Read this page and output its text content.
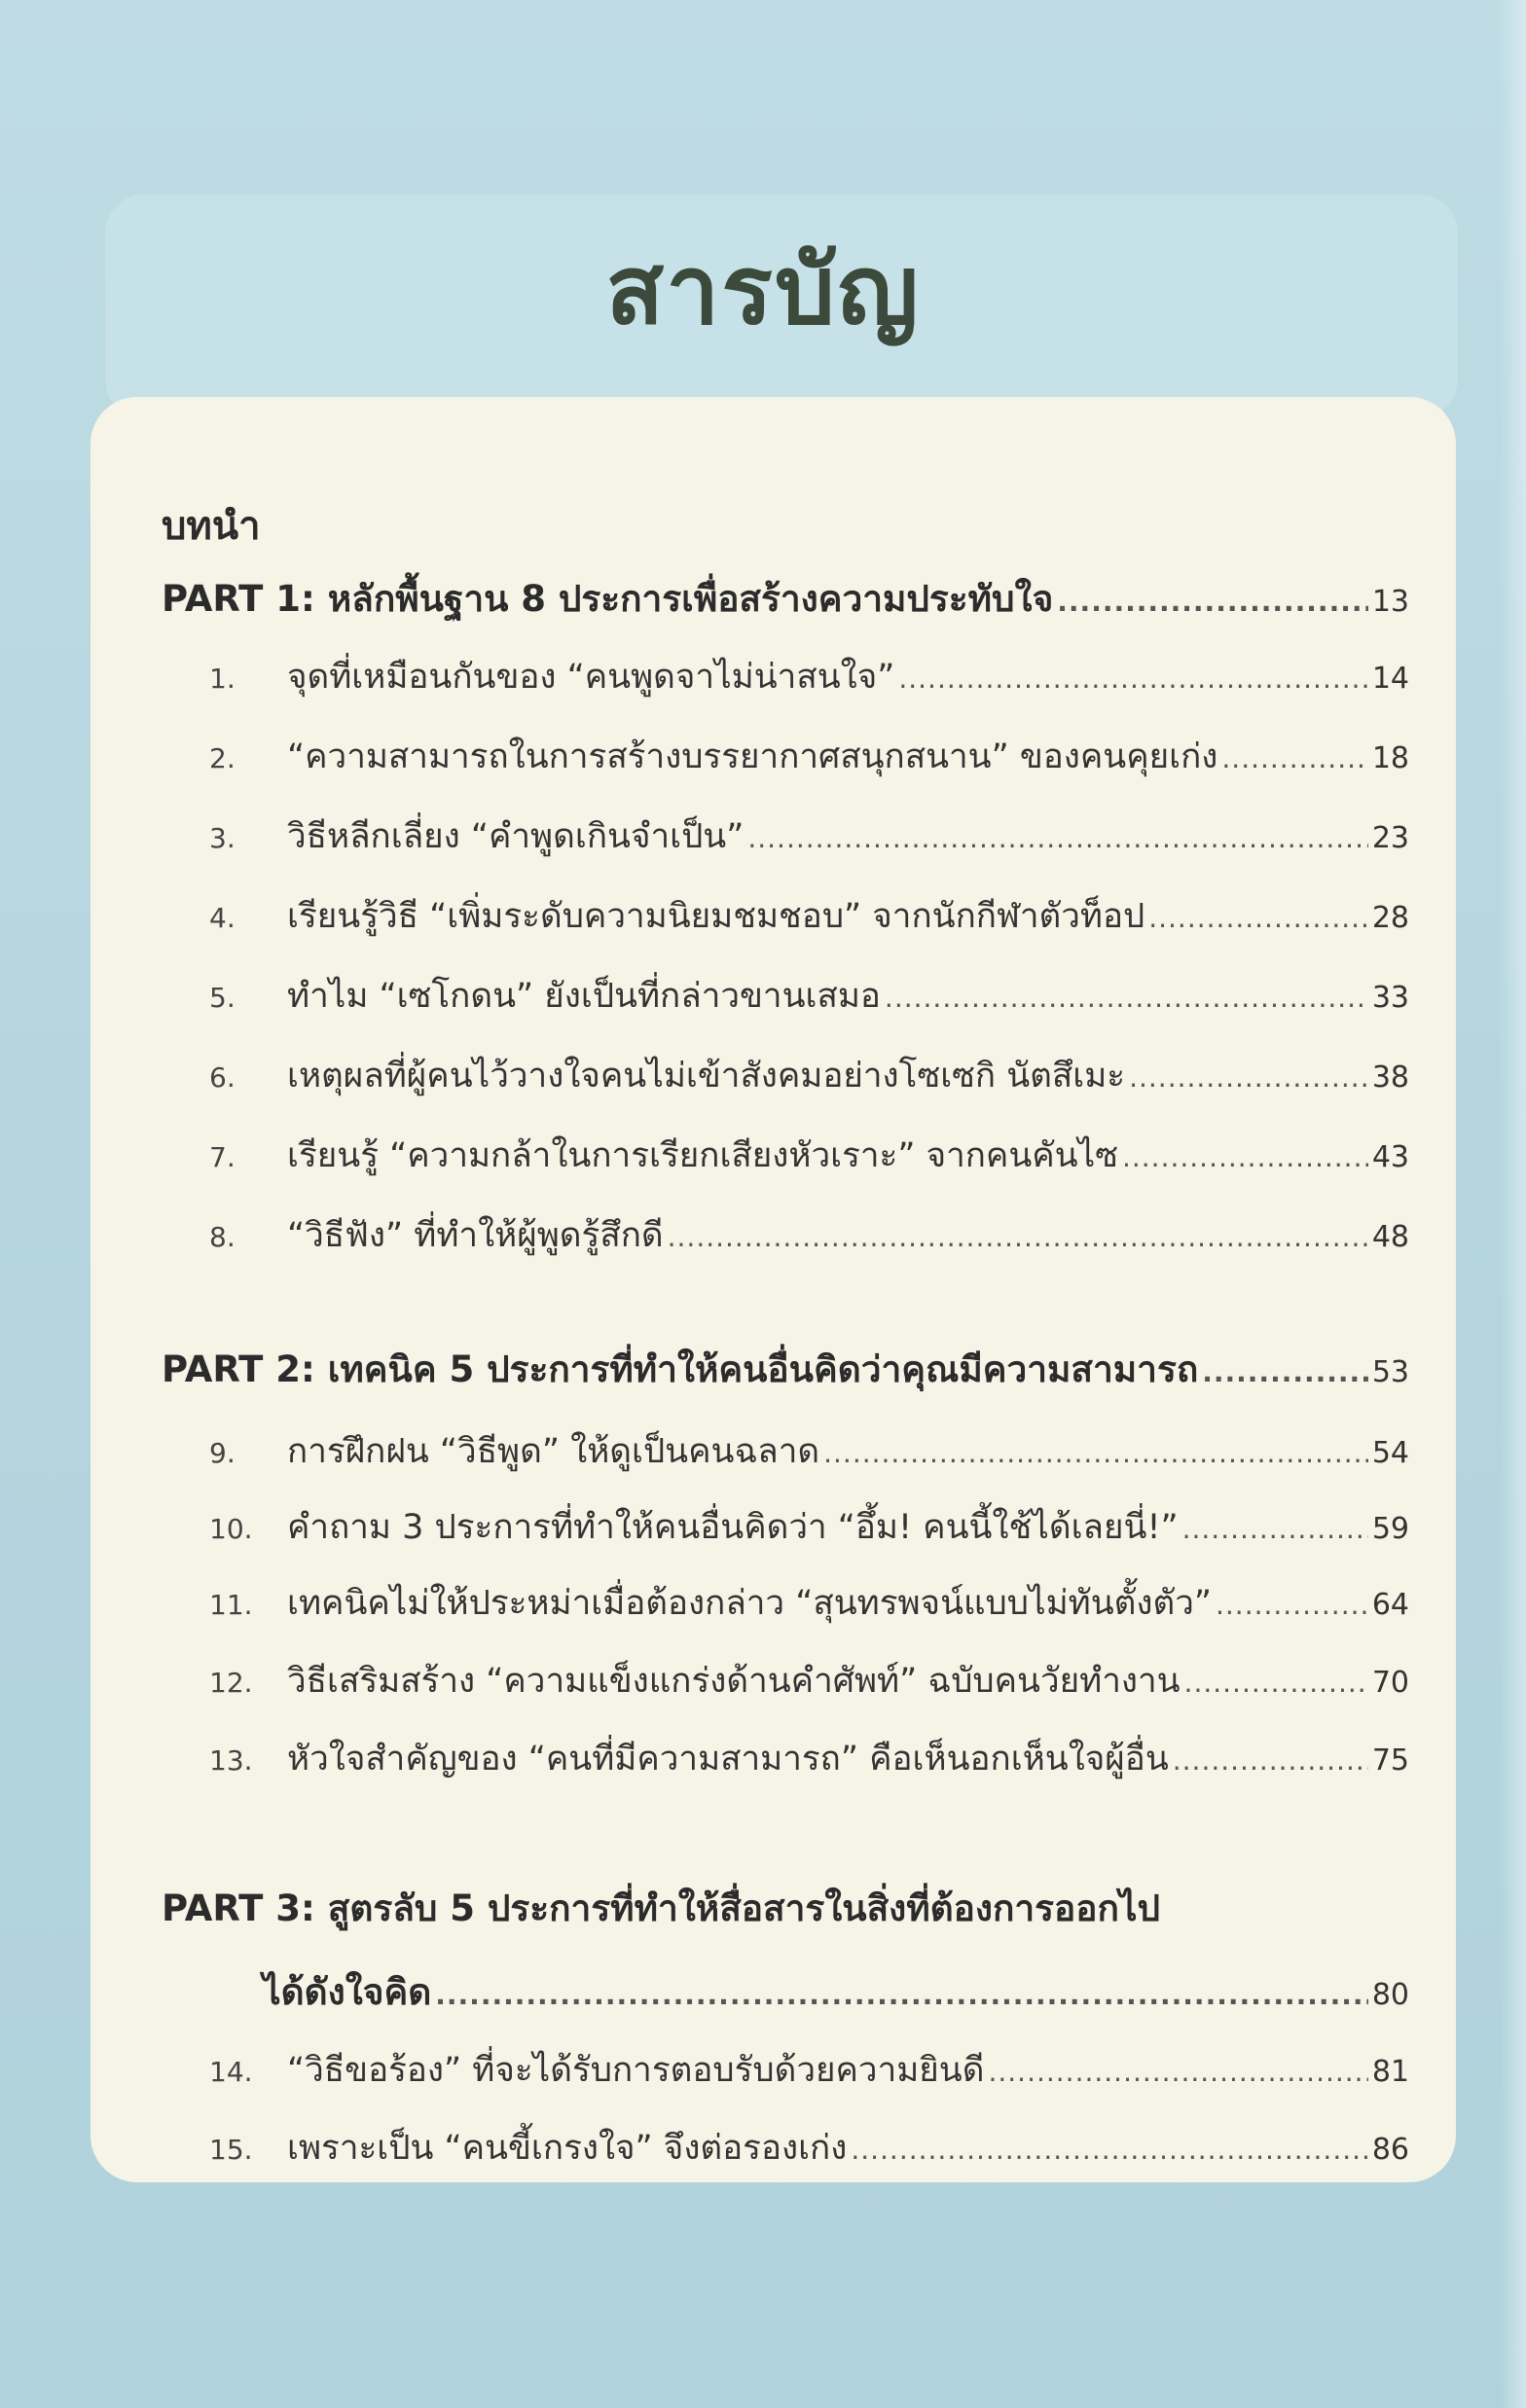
สารบัญ
บทนำ
PART 1: หลักพื้นฐาน 8 ประการเพื่อสร้างความประทับใจ .....	13
1.	จุดที่เหมือนกันของ “คนพูดจาไม่น่าสนใจ” .....	14
2.	“ความสามารถในการสร้างบรรยากาศสนุกสนาน” ของคนคุยเก่ง .....	18
3.	วิธีหลีกเลี่ยง “คำพูดเกินจำเป็น” .....	23
4.	เรียนรู้วิธี “เพิ่มระดับความนิยมชมชอบ” จากนักกีฬาตัวท็อป .....	28
5.	ทำไม “เซโกดน” ยังเป็นที่กล่าวขานเสมอ .....	33
6.	เหตุผลที่ผู้คนไว้วางใจคนไม่เข้าสังคมอย่างโซเซกิ นัตสึเมะ .....	38
7.	เรียนรู้ “ความกล้าในการเรียกเสียงหัวเราะ” จากคนคันไซ .....	43
8.	“วิธีฟัง” ที่ทำให้ผู้พูดรู้สึกดี .....	48
PART 2: เทคนิค 5 ประการที่ทำให้คนอื่นคิดว่าคุณมีความสามารถ .....	53
9.	การฝึกฝน “วิธีพูด” ให้ดูเป็นคนฉลาด .....	54
10.	คำถาม 3 ประการที่ทำให้คนอื่นคิดว่า “อึ้ม! คนนี้ใช้ได้เลยนี่!” .....	59
11.	เทคนิคไม่ให้ประหม่าเมื่อต้องกล่าว “สุนทรพจน์แบบไม่ทันตั้งตัว” .....	64
12.	วิธีเสริมสร้าง “ความแข็งแกร่งด้านคำศัพท์” ฉบับคนวัยทำงาน .....	70
13.	หัวใจสำคัญของ “คนที่มีความสามารถ” คือเห็นอกเห็นใจผู้อื่น .....	75
PART 3: สูตรลับ 5 ประการที่ทำให้สื่อสารในสิ่งที่ต้องการออกไป
ได้ดังใจคิด .....	80
14.	“วิธีขอร้อง” ที่จะได้รับการตอบรับด้วยความยินดี .....	81
15.	เพราะเป็น “คนขี้เกรงใจ” จึงต่อรองเก่ง .....	86
